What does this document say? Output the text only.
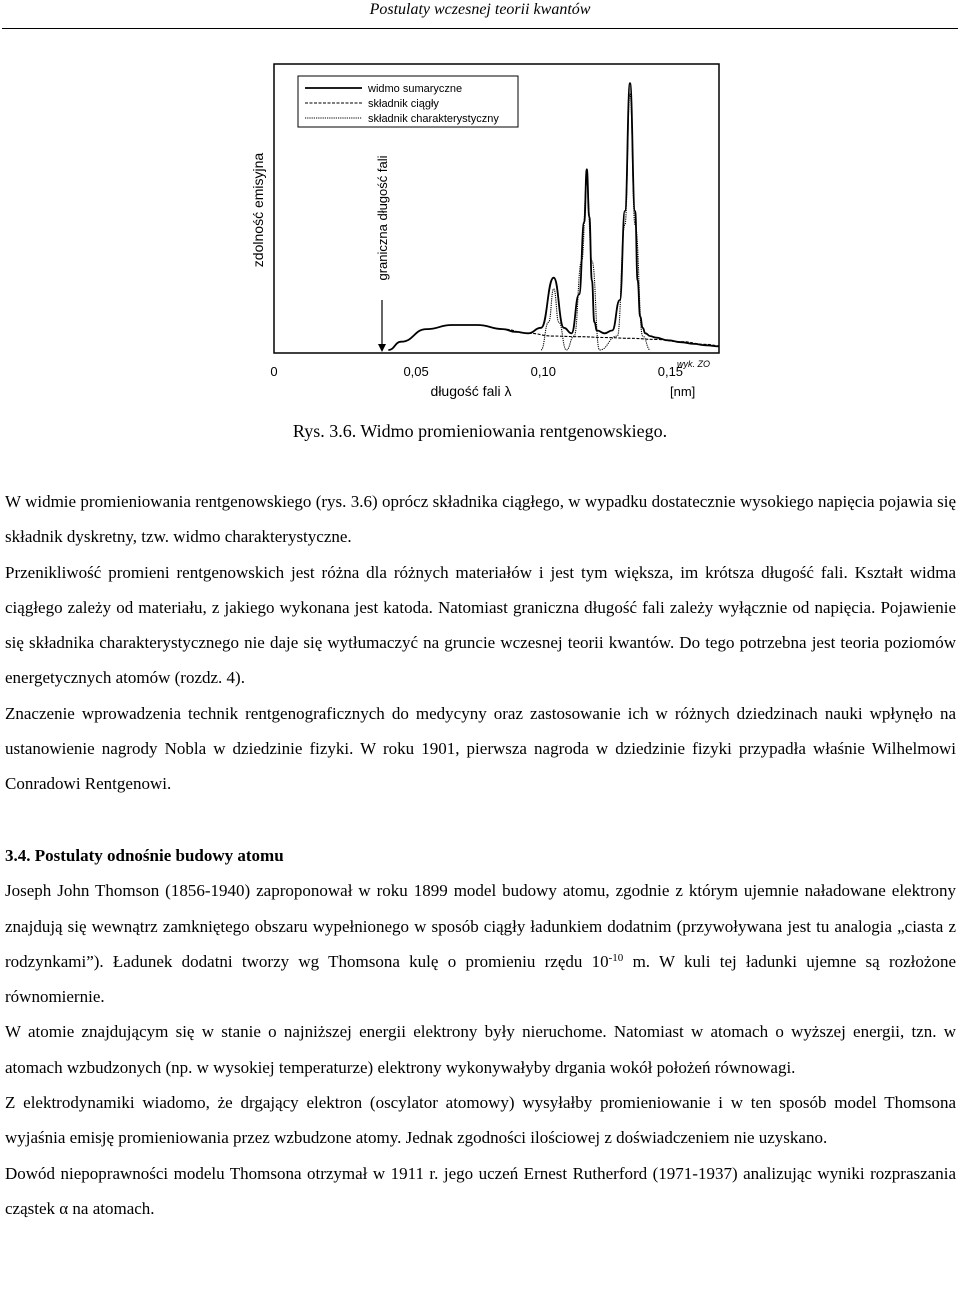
Postulaty wczesnej teorii kwantów
widmo sumaryczne
składnik ciągły
składnik charakterystyczny
zdolność emisyjna	graniczna długość fali
0	0,05	0,10	0,15
długość fali λ	[nm]
wyk. ZO
Rys. 3.6. Widmo promieniowania rentgenowskiego.

W widmie promieniowania rentgenowskiego (rys. 3.6) oprócz składnika ciągłego, w wypadku dostatecznie wysokiego napięcia pojawia się składnik dyskretny, tzw. widmo charakterystyczne.

Przenikliwość promieni rentgenowskich jest różna dla różnych materiałów i jest tym większa, im krótsza długość fali. Kształt widma ciągłego zależy od materiału, z jakiego wykonana jest katoda. Natomiast graniczna długość fali zależy wyłącznie od napięcia. Pojawienie się składnika charakterystycznego nie daje się wytłumaczyć na gruncie wczesnej teorii kwantów. Do tego potrzebna jest teoria poziomów energetycznych atomów (rozdz. 4).

Znaczenie wprowadzenia technik rentgenograficznych do medycyny oraz zastosowanie ich w różnych dziedzinach nauki wpłynęło na ustanowienie nagrody Nobla w dziedzinie fizyki. W roku 1901, pierwsza nagroda w dziedzinie fizyki przypadła właśnie Wilhelmowi Conradowi Rentgenowi.

3.4. Postulaty odnośnie budowy atomu

Joseph John Thomson (1856-1940) zaproponował w roku 1899 model budowy atomu, zgodnie z którym ujemnie naładowane elektrony znajdują się wewnątrz zamkniętego obszaru wypełnionego w sposób ciągły ładunkiem dodatnim (przywoływana jest tu analogia „ciasta z rodzynkami”). Ładunek dodatni tworzy wg Thomsona kulę o promieniu rzędu $10^{-10}$ m. W kuli tej ładunki ujemne są rozłożone równomiernie.

W atomie znajdującym się w stanie o najniższej energii elektrony były nieruchome. Natomiast w atomach o wyższej energii, tzn. w atomach wzbudzonych (np. w wysokiej temperaturze) elektrony wykonywałyby drgania wokół położeń równowagi.

Z elektrodynamiki wiadomo, że drgający elektron (oscylator atomowy) wysyłałby promieniowanie i w ten sposób model Thomsona wyjaśnia emisję promieniowania przez wzbudzone atomy. Jednak zgodności ilościowej z doświadczeniem nie uzyskano.

Dowód niepoprawności modelu Thomsona otrzymał w 1911 r. jego uczeń Ernest Rutherford (1971-1937) analizując wyniki rozpraszania cząstek α na atomach.
